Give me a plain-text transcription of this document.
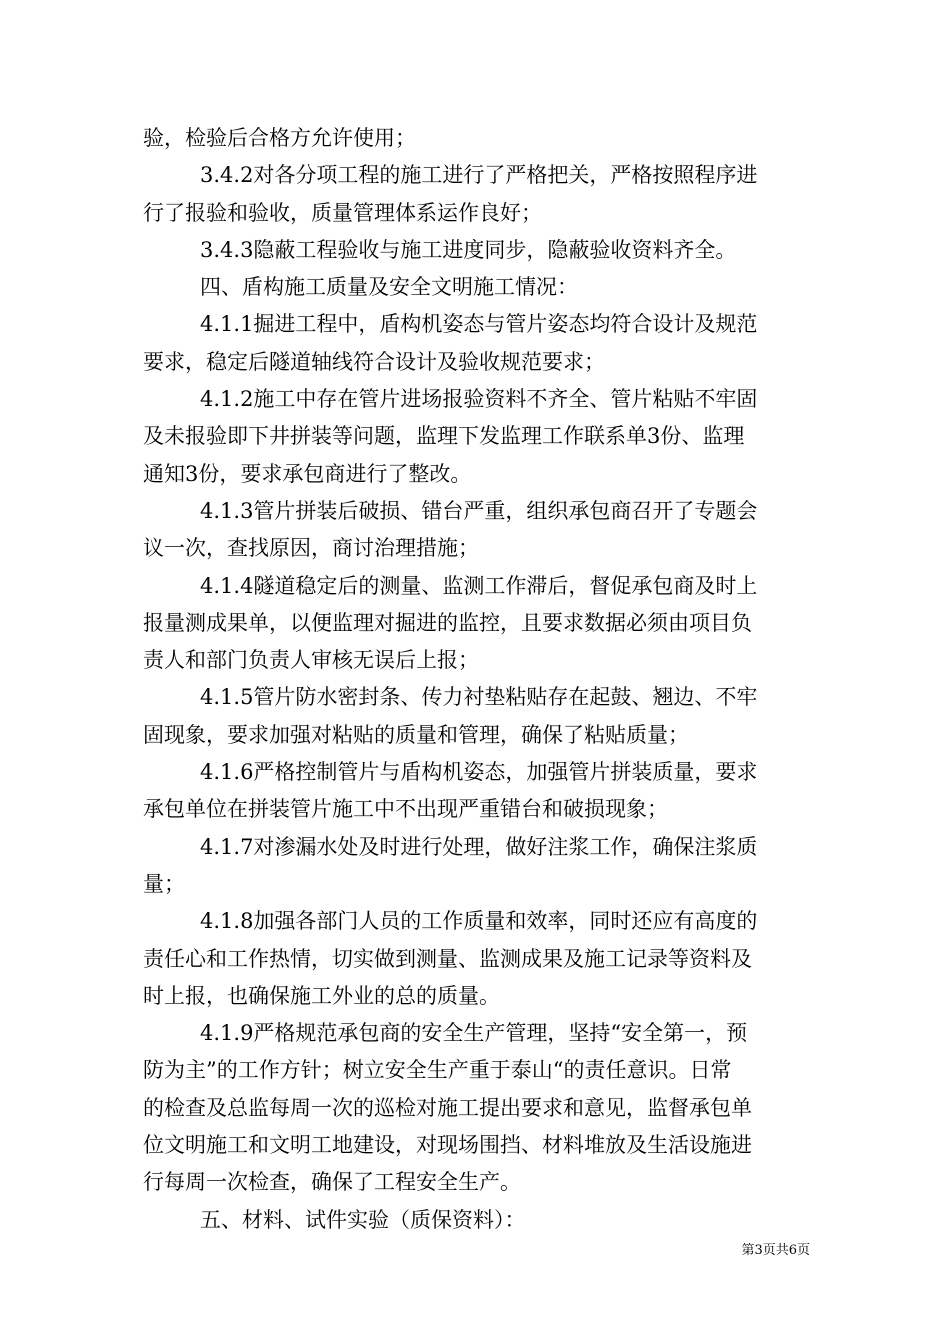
验，检验后合格方允许使用；
3.4.2对各分项工程的施工进行了严格把关，严格按照程序进
行了报验和验收，质量管理体系运作良好；
3.4.3隐蔽工程验收与施工进度同步，隐蔽验收资料齐全。
四、盾构施工质量及安全文明施工情况：
4.1.1掘进工程中，盾构机姿态与管片姿态均符合设计及规范
要求，稳定后隧道轴线符合设计及验收规范要求；
4.1.2施工中存在管片进场报验资料不齐全、管片粘贴不牢固
及未报验即下井拼装等问题，监理下发监理工作联系单3份、监理
通知3份，要求承包商进行了整改。
4.1.3管片拼装后破损、错台严重，组织承包商召开了专题会
议一次，查找原因，商讨治理措施；
4.1.4隧道稳定后的测量、监测工作滞后，督促承包商及时上
报量测成果单，以便监理对掘进的监控，且要求数据必须由项目负
责人和部门负责人审核无误后上报；
4.1.5管片防水密封条、传力衬垫粘贴存在起鼓、翘边、不牢
固现象，要求加强对粘贴的质量和管理，确保了粘贴质量；
4.1.6严格控制管片与盾构机姿态，加强管片拼装质量，要求
承包单位在拼装管片施工中不出现严重错台和破损现象；
4.1.7对渗漏水处及时进行处理，做好注浆工作，确保注浆质
量；
4.1.8加强各部门人员的工作质量和效率，同时还应有高度的
责任心和工作热情，切实做到测量、监测成果及施工记录等资料及
时上报，也确保施工外业的总的质量。
4.1.9严格规范承包商的安全生产管理，坚持“安全第一，预
防为主”的工作方针；树立安全生产重于泰山“的责任意识。日常
的检查及总监每周一次的巡检对施工提出要求和意见，监督承包单
位文明施工和文明工地建设，对现场围挡、材料堆放及生活设施进
行每周一次检查，确保了工程安全生产。
五、材料、试件实验（质保资料）：
第3页共6页
